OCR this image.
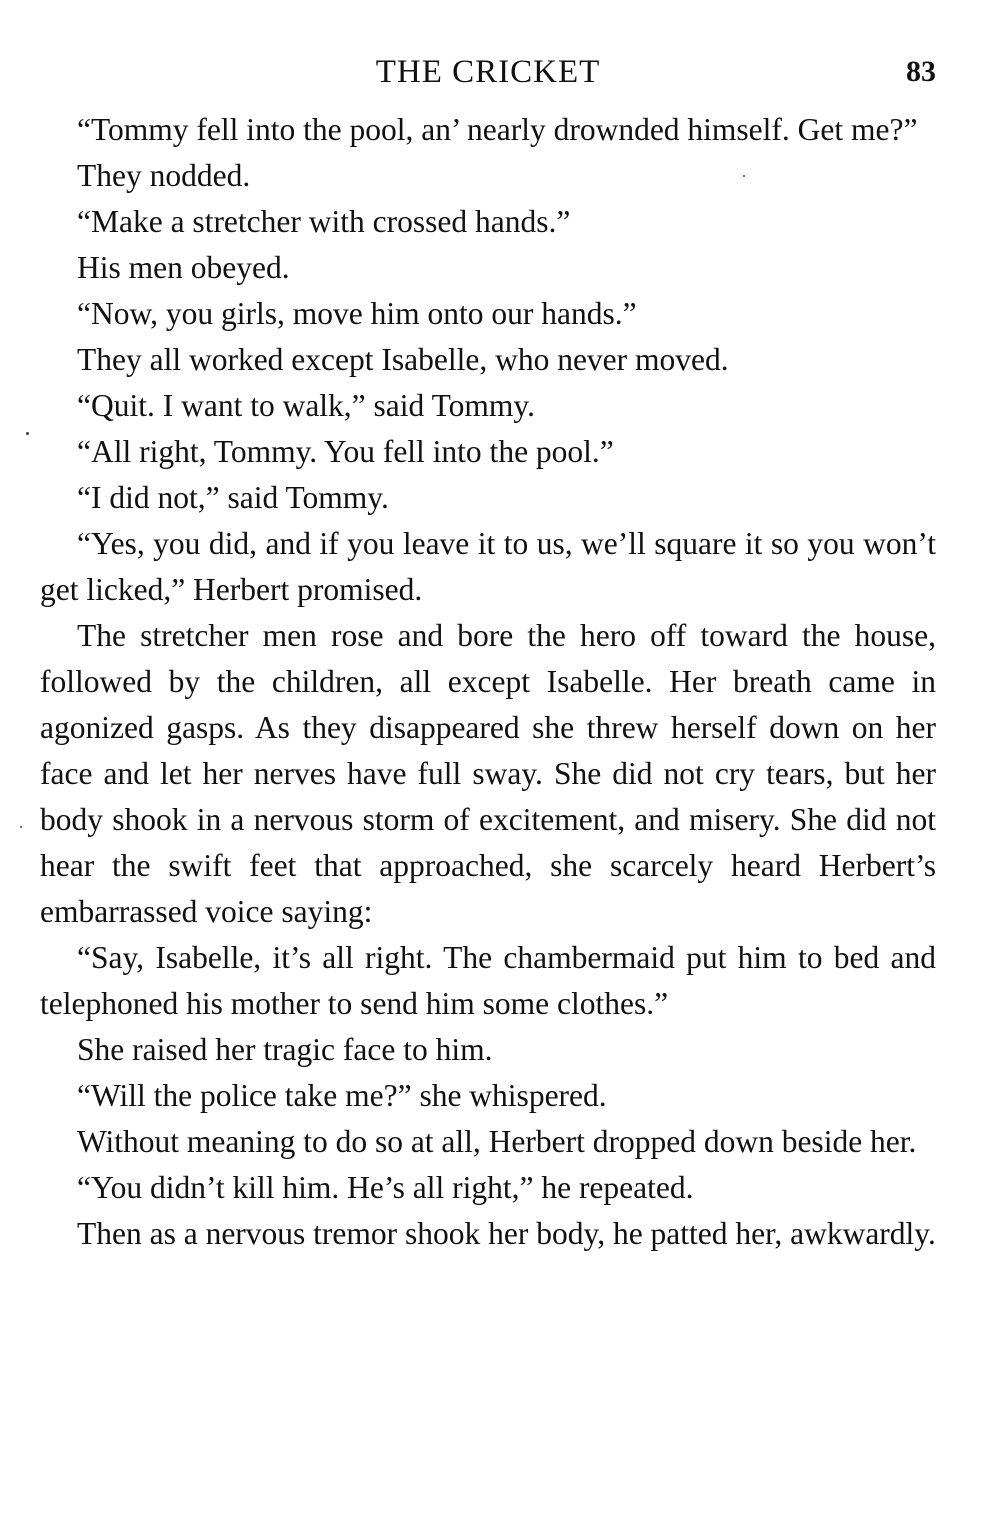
THE CRICKET	83

“Tommy fell into the pool, an’ nearly drownded himself. Get me?”

They nodded.

“Make a stretcher with crossed hands.”

His men obeyed.

“Now, you girls, move him onto our hands.”

They all worked except Isabelle, who never moved.

“Quit. I want to walk,” said Tommy.

“All right, Tommy. You fell into the pool.”

“I did not,” said Tommy.

“Yes, you did, and if you leave it to us, we’ll square it so you won’t get licked,” Herbert promised.

The stretcher men rose and bore the hero off toward the house, followed by the children, all except Isabelle. Her breath came in agonized gasps. As they disappeared she threw herself down on her face and let her nerves have full sway. She did not cry tears, but her body shook in a nervous storm of excitement, and misery. She did not hear the swift feet that approached, she scarcely heard Herbert’s embarrassed voice saying:

“Say, Isabelle, it’s all right. The chambermaid put him to bed and telephoned his mother to send him some clothes.”

She raised her tragic face to him.

“Will the police take me?” she whispered.

Without meaning to do so at all, Herbert dropped down beside her.

“You didn’t kill him. He’s all right,” he repeated.

Then as a nervous tremor shook her body, he patted her, awkwardly.
